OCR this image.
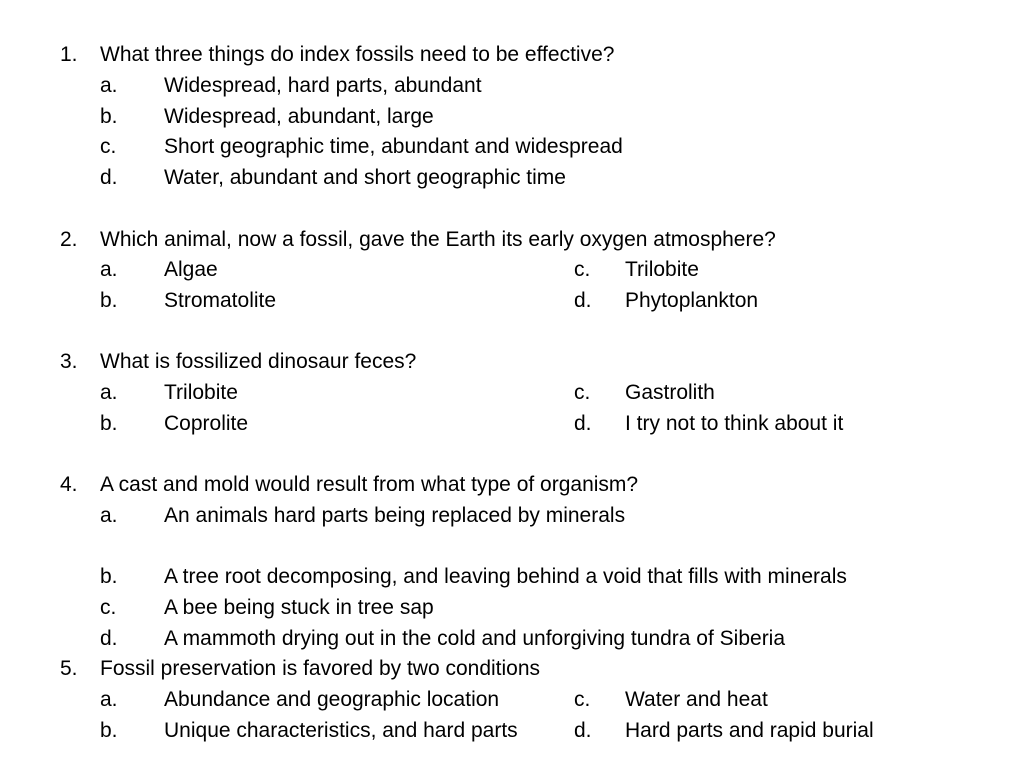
1. What three things do index fossils need to be effective?
a. Widespread, hard parts, abundant
b. Widespread, abundant, large
c. Short geographic time, abundant and widespread
d. Water, abundant and short geographic time
2. Which animal, now a fossil, gave the Earth its early oxygen atmosphere?
a. Algae	c. Trilobite
b. Stromatolite	d. Phytoplankton
3. What is fossilized dinosaur feces?
a. Trilobite	c. Gastrolith
b. Coprolite	d. I try not to think about it
4. A cast and mold would result from what type of organism?
a. An animals hard parts being replaced by minerals
b. A tree root decomposing, and leaving behind a void that fills with minerals
c. A bee being stuck in tree sap
d. A mammoth drying out in the cold and unforgiving tundra of Siberia
5. Fossil preservation is favored by two conditions
a. Abundance and geographic location	c. Water and heat
b. Unique characteristics, and hard parts	d. Hard parts and rapid burial
